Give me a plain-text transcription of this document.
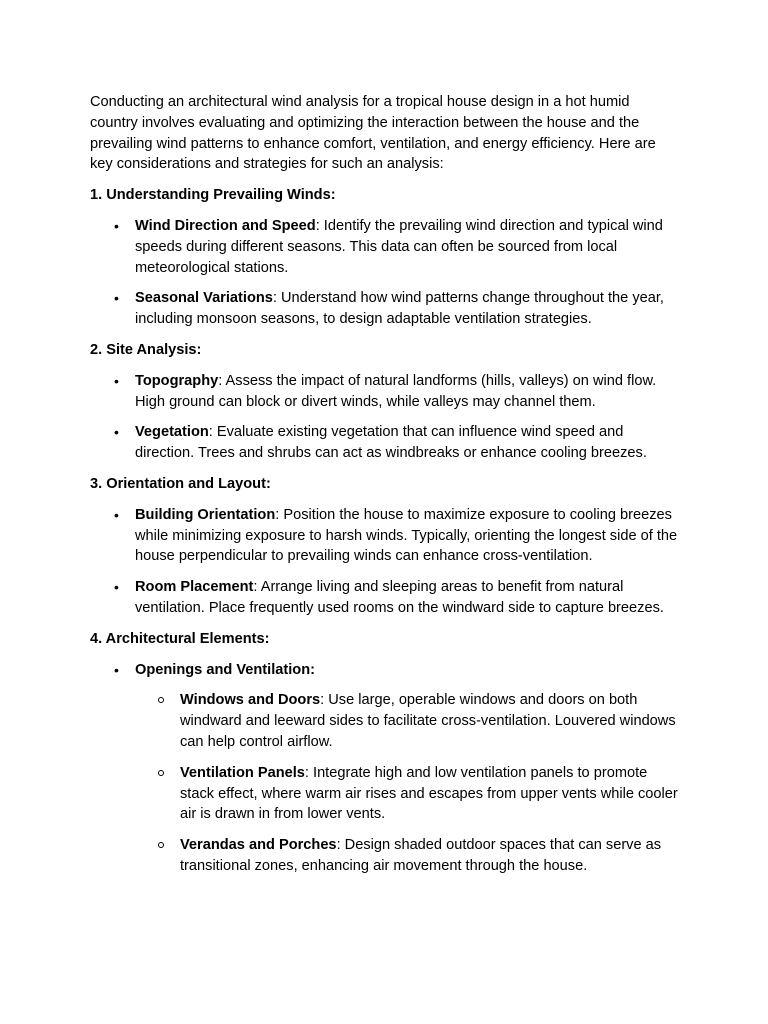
Conducting an architectural wind analysis for a tropical house design in a hot humid country involves evaluating and optimizing the interaction between the house and the prevailing wind patterns to enhance comfort, ventilation, and energy efficiency. Here are key considerations and strategies for such an analysis:

1. Understanding Prevailing Winds:
• Wind Direction and Speed: Identify the prevailing wind direction and typical wind speeds during different seasons. This data can often be sourced from local meteorological stations.
• Seasonal Variations: Understand how wind patterns change throughout the year, including monsoon seasons, to design adaptable ventilation strategies.
2. Site Analysis:
• Topography: Assess the impact of natural landforms (hills, valleys) on wind flow. High ground can block or divert winds, while valleys may channel them.
• Vegetation: Evaluate existing vegetation that can influence wind speed and direction. Trees and shrubs can act as windbreaks or enhance cooling breezes.
3. Orientation and Layout:
• Building Orientation: Position the house to maximize exposure to cooling breezes while minimizing exposure to harsh winds. Typically, orienting the longest side of the house perpendicular to prevailing winds can enhance cross-ventilation.
• Room Placement: Arrange living and sleeping areas to benefit from natural ventilation. Place frequently used rooms on the windward side to capture breezes.
4. Architectural Elements:
• Openings and Ventilation:
Windows and Doors: Use large, operable windows and doors on both windward and leeward sides to facilitate cross-ventilation. Louvered windows can help control airflow.
Ventilation Panels: Integrate high and low ventilation panels to promote stack effect, where warm air rises and escapes from upper vents while cooler air is drawn in from lower vents.
Verandas and Porches: Design shaded outdoor spaces that can serve as transitional zones, enhancing air movement through the house.
